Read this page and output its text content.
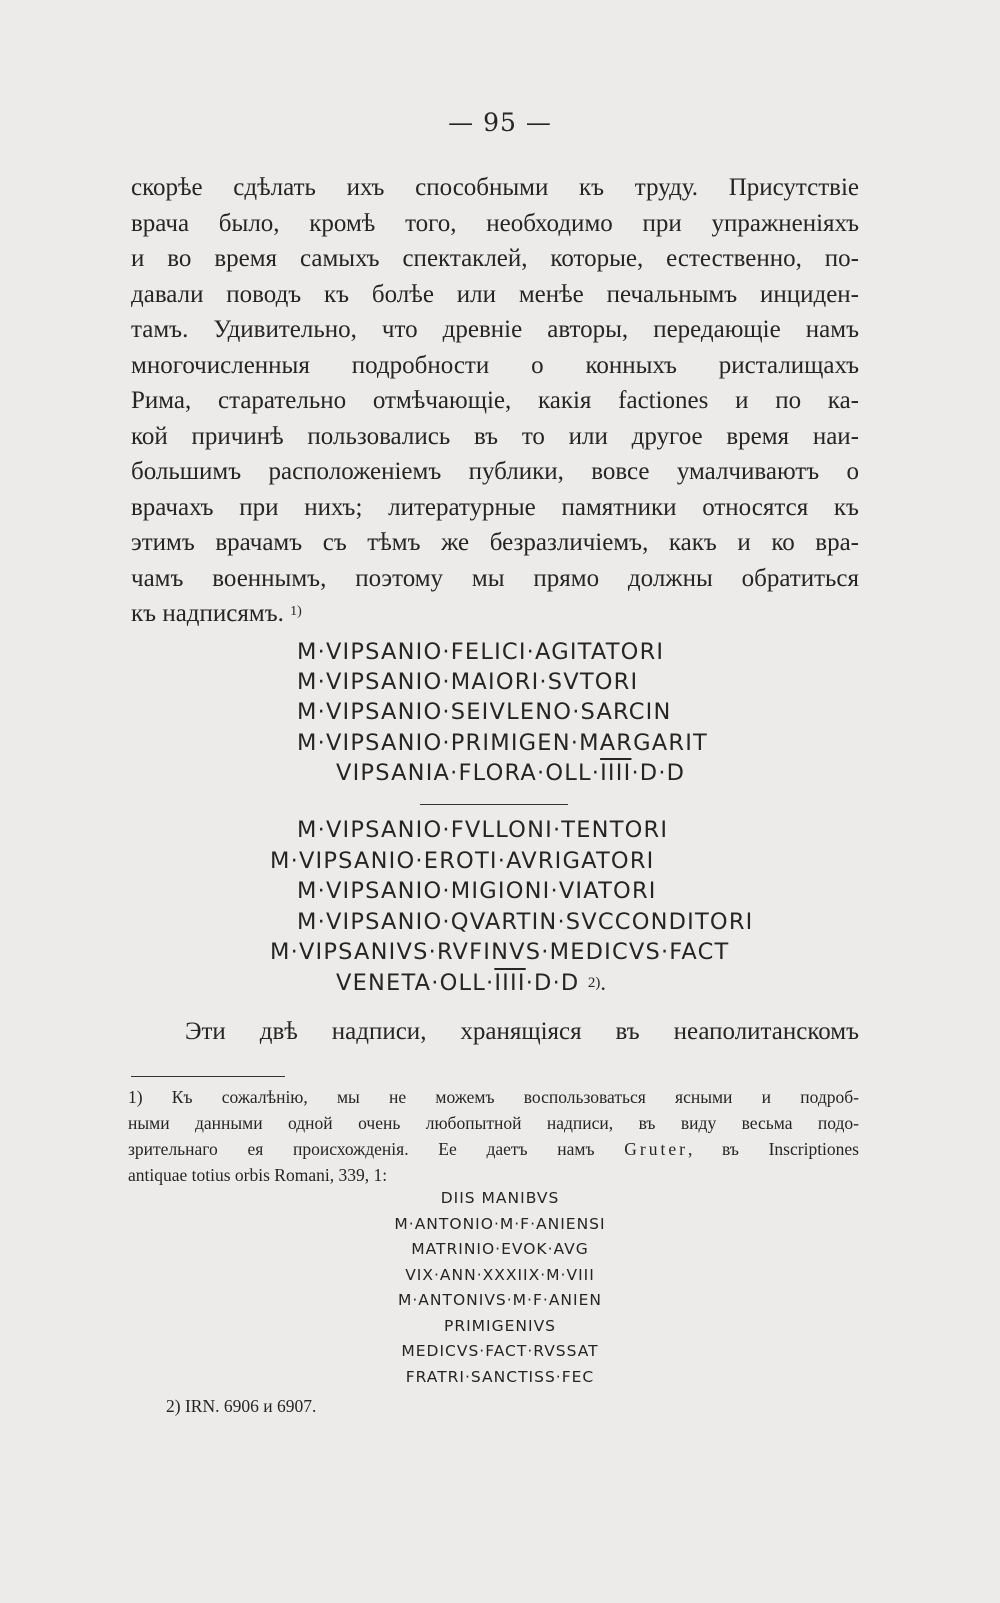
— 95 —
скорѣе сдѣлать ихъ способными къ труду. Присутствіе
врача было, кромѣ того, необходимо при упражненіяхъ
и во время самыхъ спектаклей, которые, естественно, по-
давали поводъ къ болѣе или менѣе печальнымъ инциден-
тамъ. Удивительно, что древніе авторы, передающіе намъ
многочисленныя подробности о конныхъ ристалищахъ
Рима, старательно отмѣчающіе, какія factiones и по ка-
кой причинѣ пользовались въ то или другое время наи-
большимъ расположеніемъ публики, вовсе умалчиваютъ о
врачахъ при нихъ; литературные памятники относятся къ
этимъ врачамъ съ тѣмъ же безразличіемъ, какъ и ко вра-
чамъ военнымъ, поэтому мы прямо должны обратиться
къ надписямъ. $^{1)}$
M·VIPSANIO·FELICI·AGITATORI
M·VIPSANIO·MAIORI·SVTORI
M·VIPSANIO·SEIVLENO·SARCIN
M·VIPSANIO·PRIMIGEN·MARGARIT
VIPSANIA·FLORA·OLL·IIII·D·D
M·VIPSANIO·FVLLONI·TENTORI
M·VIPSANIO·EROTI·AVRIGATORI
M·VIPSANIO·MIGIONI·VIATORI
M·VIPSANIO·QVARTIN·SVCCONDITORI
M·VIPSANIVS·RVFINVS·MEDICVS·FACT
VENETA·OLL·IIII·D·D $^{2)}$.
Эти двѣ надписи, хранящіяся въ неаполитанскомъ
1) Къ сожалѣнію, мы не можемъ воспользоваться ясными и подроб-
ными данными одной очень любопытной надписи, въ виду весьма подо-
зрительнаго ея происхожденія. Ее даетъ намъ Gruter, въ Inscriptiones
antiquae totius orbis Romani, 339, 1:
DIIS MANIBVS
M·ANTONIO·M·F·ANIENSI
MATRINIO·EVOK·AVG
VIX·ANN·XXXIIX·M·VIII
M·ANTONIVS·M·F·ANIEN
PRIMIGENIVS
MEDICVS·FACT·RVSSAT
FRATRI·SANCTISS·FEC
2) IRN. 6906 и 6907.
